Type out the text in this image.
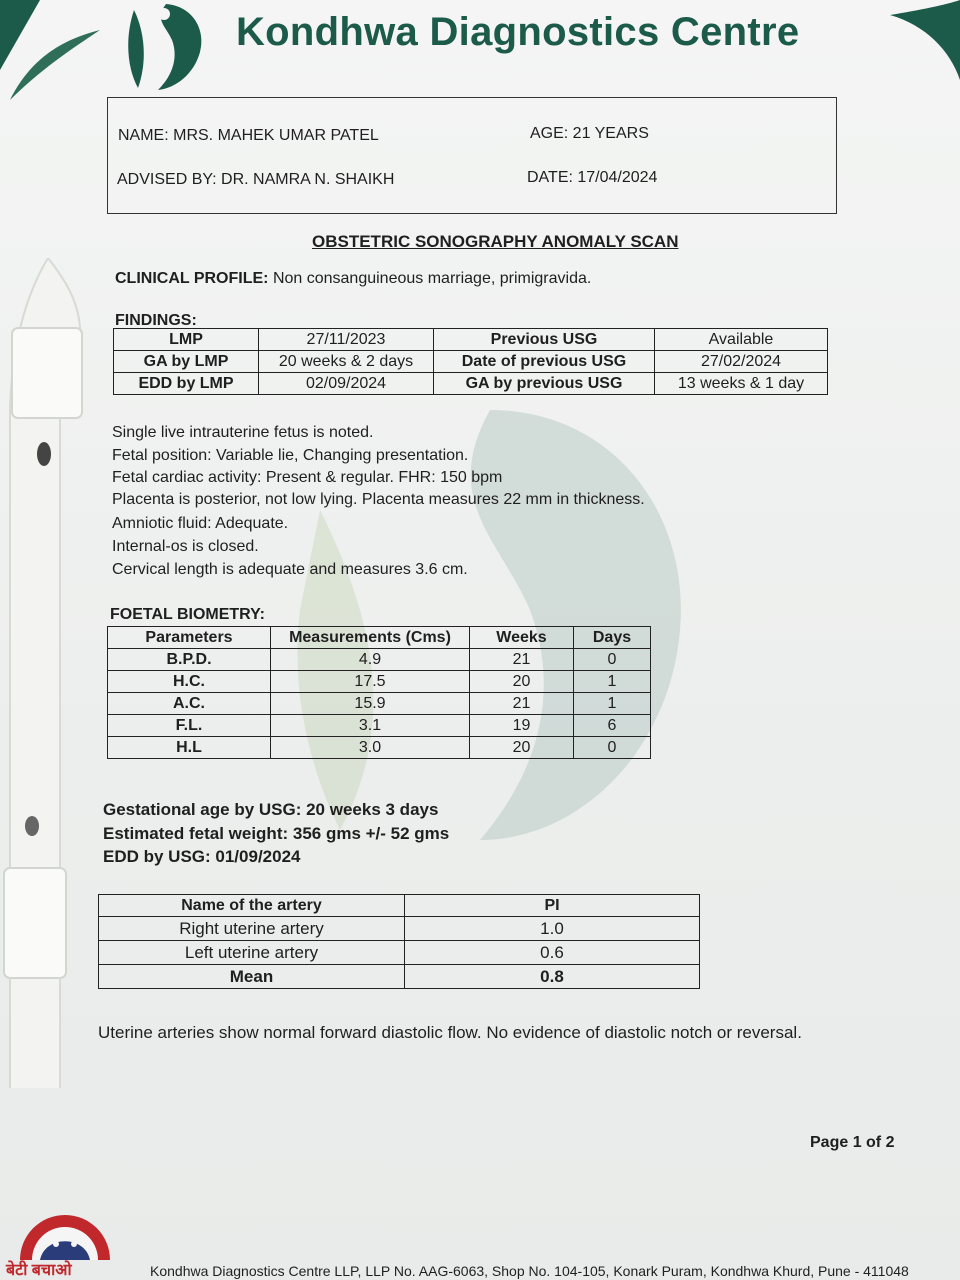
Kondhwa Diagnostics Centre
NAME: MRS. MAHEK UMAR PATEL	AGE: 21 YEARS
ADVISED BY: DR. NAMRA N. SHAIKH	DATE: 17/04/2024
OBSTETRIC SONOGRAPHY ANOMALY SCAN
CLINICAL PROFILE: Non consanguineous marriage, primigravida.
FINDINGS:
LMP	27/11/2023	Previous USG	Available
GA by LMP	20 weeks & 2 days	Date of previous USG	27/02/2024
EDD by LMP	02/09/2024	GA by previous USG	13 weeks & 1 day
Single live intrauterine fetus is noted.
Fetal position: Variable lie, Changing presentation.
Fetal cardiac activity: Present & regular. FHR: 150 bpm
Placenta is posterior, not low lying. Placenta measures 22 mm in thickness.
Amniotic fluid: Adequate.
Internal-os is closed.
Cervical length is adequate and measures 3.6 cm.
FOETAL BIOMETRY:
Parameters	Measurements (Cms)	Weeks	Days
B.P.D.	4.9	21	0
H.C.	17.5	20	1
A.C.	15.9	21	1
F.L.	3.1	19	6
H.L	3.0	20	0
Gestational age by USG: 20 weeks 3 days
Estimated fetal weight: 356 gms +/- 52 gms
EDD by USG: 01/09/2024
Name of the artery	PI
Right uterine artery	1.0
Left uterine artery	0.6
Mean	0.8
Uterine arteries show normal forward diastolic flow. No evidence of diastolic notch or reversal.
Page 1 of 2
बेटी बचाओ	Kondhwa Diagnostics Centre LLP, LLP No. AAG-6063, Shop No. 104-105, Konark Puram, Kondhwa Khurd, Pune - 411048
